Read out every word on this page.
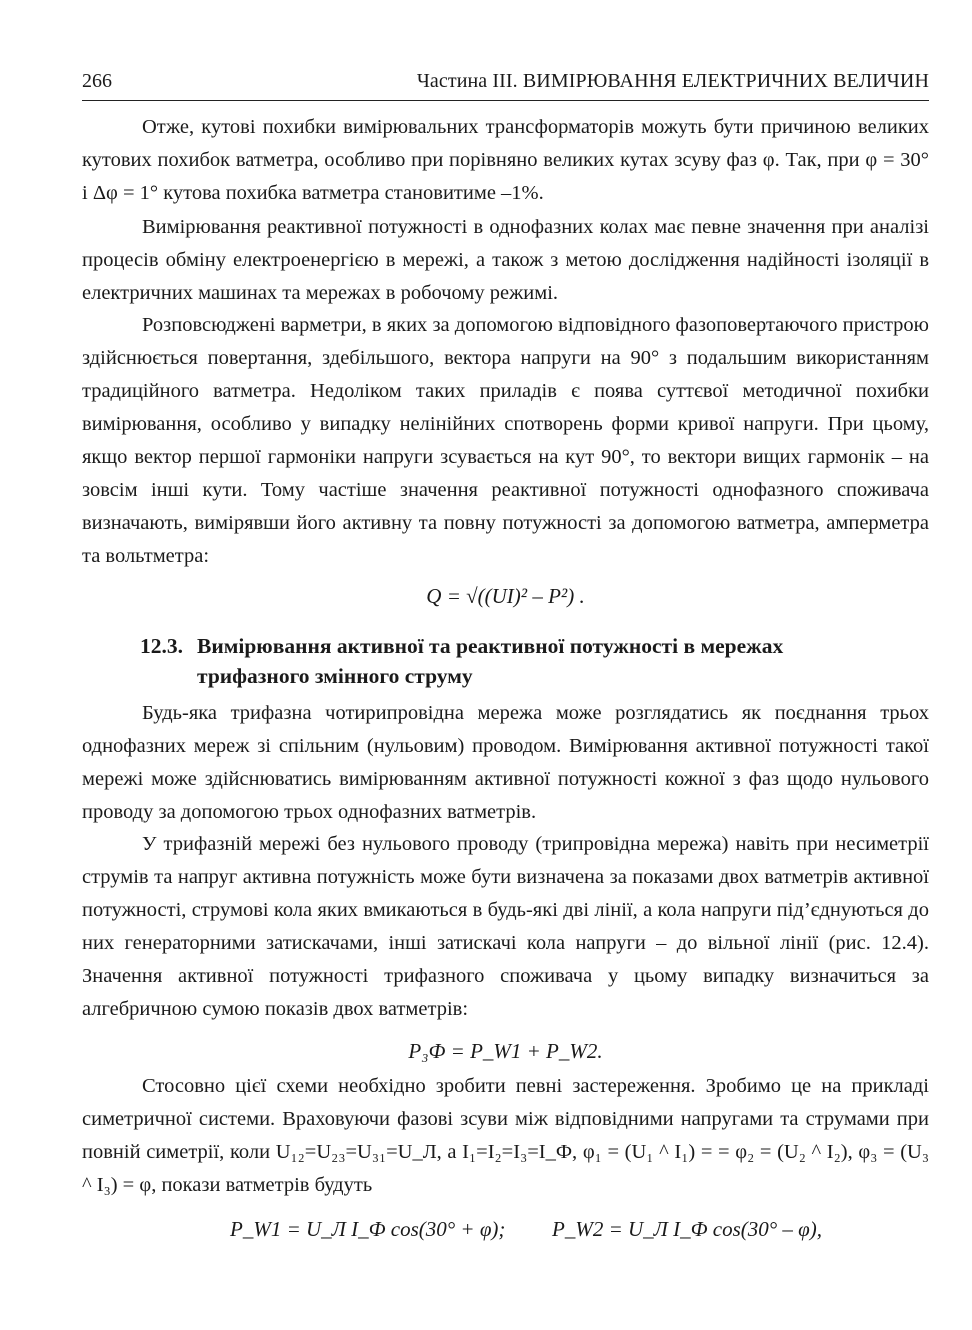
266	Частина ІІІ. ВИМІРЮВАННЯ ЕЛЕКТРИЧНИХ ВЕЛИЧИН

Отже, кутові похибки вимірювальних трансформаторів можуть бути причиною великих кутових похибок ватметра, особливо при порівняно великих кутах зсуву фаз φ. Так, при φ = 30° і Δφ = 1° кутова похибка ватметра становитиме –1%.

Вимірювання реактивної потужності в однофазних колах має певне значення при аналізі процесів обміну електроенергією в мережі, а також з метою дослідження надійності ізоляції в електричних машинах та мережах в робочому режимі.

Розповсюджені варметри, в яких за допомогою відповідного фазоповертаючого пристрою здійснюється повертання, здебільшого, вектора напруги на 90° з подальшим використанням традиційного ватметра. Недоліком таких приладів є поява суттєвої методичної похибки вимірювання, особливо у випадку нелінійних спотворень форми кривої напруги. При цьому, якщо вектор першої гармоніки напруги зсувається на кут 90°, то вектори вищих гармонік – на зовсім інші кути. Тому частіше значення реактивної потужності однофазного споживача визначають, вимірявши його активну та повну потужності за допомогою ватметра, амперметра та вольтметра:

Q = √((UI)² – P²) .
12.3. Вимірювання активної та реактивної потужності в мережах
трифазного змінного струму

Будь-яка трифазна чотирипровідна мережа може розглядатись як поєднання трьох однофазних мереж зі спільним (нульовим) проводом. Вимірювання активної потужності такої мережі може здійснюватись вимірюванням активної потужності кожної з фаз щодо нульового проводу за допомогою трьох однофазних ватметрів.

У трифазній мережі без нульового проводу (трипровідна мережа) навіть при несиметрії струмів та напруг активна потужність може бути визначена за показами двох ватметрів активної потужності, струмові кола яких вмикаються в будь-які дві лінії, а кола напруги під’єднуються до них генераторними затискачами, інші затискачі кола напруги – до вільної лінії (рис. 12.4). Значення активної потужності трифазного споживача у цьому випадку визначиться за алгебричною сумою показів двох ватметрів:

P₃Ф = P_W1 + P_W2.

Стосовно цієї схеми необхідно зробити певні застереження. Зробимо це на прикладі симетричної системи. Враховуючи фазові зсуви між відповідними напругами та струмами при повній симетрії, коли U₁₂=U₂₃=U₃₁=U_Л, а I₁=I₂=I₃=I_Ф, φ₁ = (U₁ ^ I₁) = = φ₂ = (U₂ ^ I₂), φ₃ = (U₃ ^ I₃) = φ, покази ватметрів будуть

P_W1 = U_Л I_Ф cos(30° + φ); P_W2 = U_Л I_Ф cos(30° – φ),
